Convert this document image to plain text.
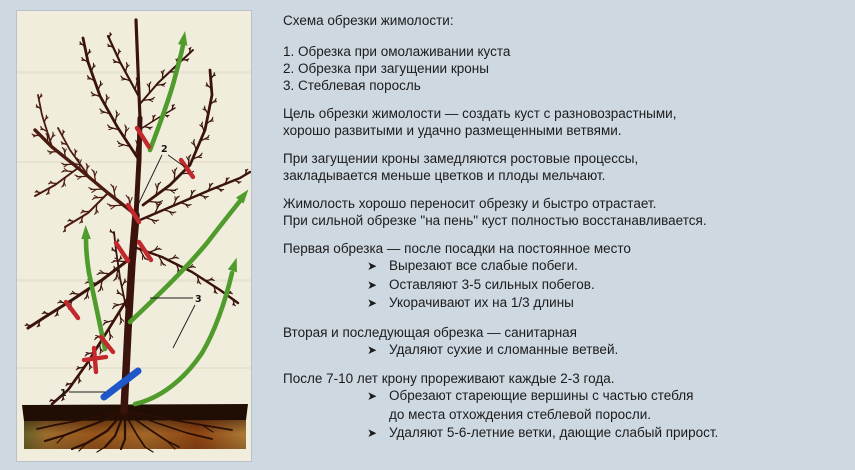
1
2
3
Схема обрезки жимолости:
1. Обрезка при омолаживании куста
2. Обрезка при загущении кроны
3. Стеблевая поросль
Цель обрезки жимолости — создать куст с разновозрастными,
хорошо развитыми и удачно размещенными ветвями.
При загущении кроны замедляются ростовые процессы,
закладывается меньше цветков и плоды мельчают.
Жимолость хорошо переносит обрезку и быстро отрастает.
При сильной обрезке "на пень" куст полностью восстанавливается.
Первая обрезка — после посадки на постоянное место
➤ Вырезают все слабые побеги.
➤ Оставляют 3-5 сильных побегов.
➤ Укорачивают их на 1/3 длины
Вторая и последующая обрезка — санитарная
➤ Удаляют сухие и сломанные ветвей.
После 7-10 лет крону прореживают каждые 2-3 года.
➤ Обрезают стареющие вершины с частью стебля
до места отхождения стеблевой поросли.
➤ Удаляют 5-6-летние ветки, дающие слабый прирост.
